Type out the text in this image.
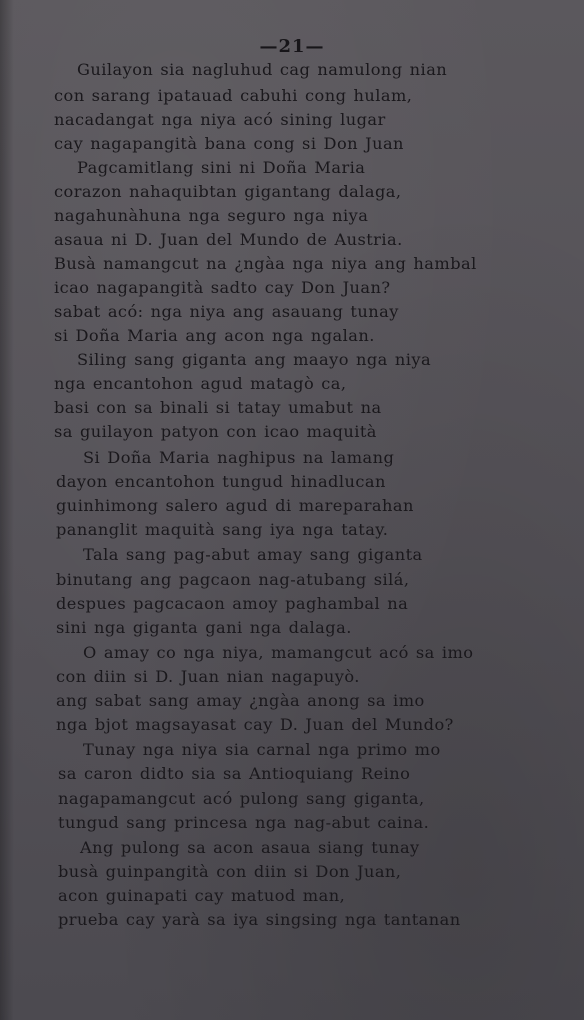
—21—

Guilayon sia nagluhud cag namulong nian

con sarang ipatauad cabuhi cong hulam,

nacadangat nga niya acó sining lugar

cay nagapangità bana cong si Don Juan

Pagcamitlang sini ni Doña Maria

corazon nahaquibtan gigantang dalaga,

nagahunàhuna nga seguro nga niya

asaua ni D. Juan del Mundo de Austria.

Busà namangcut na ¿ngàa nga niya ang hambal

icao nagapangità sadto cay Don Juan?

sabat acó: nga niya ang asauang tunay

si Doña Maria ang acon nga ngalan.

Siling sang giganta ang maayo nga niya

nga encantohon agud matagò ca,

basi con sa binali si tatay umabut na

sa guilayon patyon con icao maquità

Si Doña Maria naghipus na lamang

dayon encantohon tungud hinadlucan

guinhimong salero agud di mareparahan

pananglit maquità sang iya nga tatay.

Tala sang pag-abut amay sang giganta

binutang ang pagcaon nag-atubang silá,

despues pagcacaon amoy paghambal na

sini nga giganta gani nga dalaga.

O amay co nga niya, mamangcut acó sa imo

con diin si D. Juan nian nagapuyò.

ang sabat sang amay ¿ngàa anong sa imo

nga bjot magsayasat cay D. Juan del Mundo?

Tunay nga niya sia carnal nga primo mo

sa caron didto sia sa Antioquiang Reino

nagapamangcut acó pulong sang giganta,

tungud sang princesa nga nag-abut caina.

Ang pulong sa acon asaua siang tunay

busà guinpangità con diin si Don Juan,

acon guinapati cay matuod man,

prueba cay yarà sa iya singsing nga tantanan
